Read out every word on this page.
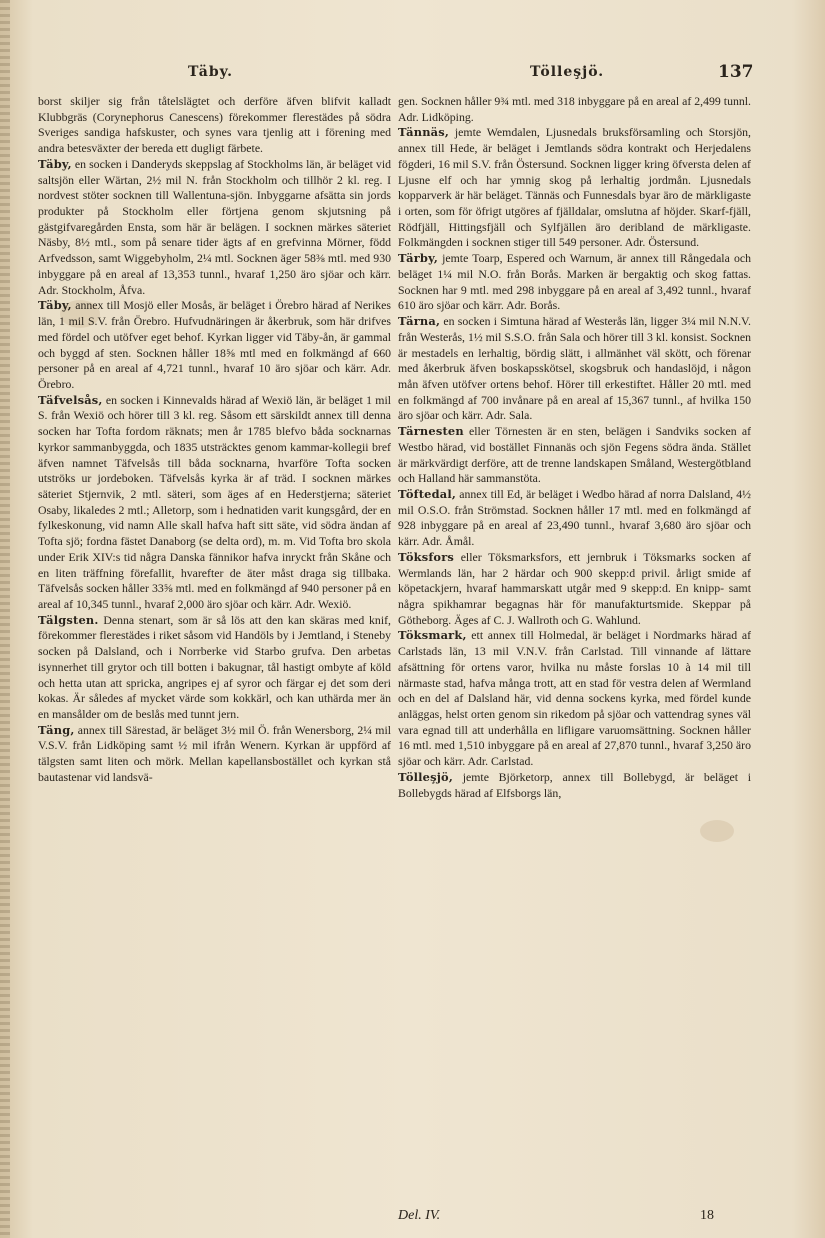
Täby.	Tölleşjö.	137

borst skiljer sig från tåtelslägtet och derföre äfven blifvit kalladt Klubbgräs (Corynephorus Canescens) förekommer flerestädes på södra Sveriges sandiga hafskuster, och synes vara tjenlig att i förening med andra betesväxter der bereda ett dugligt färbete.

Täby, en socken i Danderyds skeppslag af Stockholms län, är beläget vid saltsjön eller Wärtan, 2½ mil N. från Stockholm och tillhör 2 kl. reg. I nordvest stöter socknen till Wallentuna-sjön. Inbyggarne afsätta sin jords produkter på Stockholm eller förtjena genom skjutsning på gästgifvaregården Ensta, som här är belägen. I socknen märkes säteriet Näsby, 8½ mtl., som på senare tider ägts af en grefvinna Mörner, född Arfvedsson, samt Wiggebyholm, 2¼ mtl. Socknen äger 58⅜ mtl. med 930 inbyggare på en areal af 13,353 tunnl., hvaraf 1,250 äro sjöar och kärr. Adr. Stockholm, Åfva.

Täby, annex till Mosjö eller Mosås, är beläget i Örebro härad af Nerikes län, 1 mil S.V. från Örebro. Hufvudnäringen är åkerbruk, som här drifves med fördel och utöfver eget behof. Kyrkan ligger vid Täby-ån, är gammal och byggd af sten. Socknen håller 18⅝ mtl med en folkmängd af 660 personer på en areal af 4,721 tunnl., hvaraf 10 äro sjöar och kärr. Adr. Örebro.

Täfvelsås, en socken i Kinnevalds härad af Wexiö län, är beläget 1 mil S. från Wexiö och hörer till 3 kl. reg. Såsom ett särskildt annex till denna socken har Tofta fordom räknats; men år 1785 blefvo båda socknarnas kyrkor sammanbyggda, och 1835 utsträcktes genom kammar-kollegii bref äfven namnet Täfvelsås till båda socknarna, hvarföre Tofta socken utströks ur jordeboken. Täfvelsås kyrka är af träd. I socknen märkes säteriet Stjernvik, 2 mtl. säteri, som äges af en Hederstjerna; säteriet Osaby, likaledes 2 mtl.; Alletorp, som i hednatiden varit kungsgård, der en fylkeskonung, vid namn Alle skall hafva haft sitt säte, vid södra ändan af Tofta sjö; fordna fästet Danaborg (se delta ord), m. m. Vid Tofta bro skola under Erik XIV:s tid några Danska fännikor hafva inryckt från Skåne och en liten träffning förefallit, hvarefter de äter måst draga sig tillbaka. Täfvelsås socken håller 33⅝ mtl. med en folkmängd af 940 personer på en areal af 10,345 tunnl., hvaraf 2,000 äro sjöar och kärr. Adr. Wexiö.

Tälgsten. Denna stenart, som är så lös att den kan skäras med knif, förekommer flerestädes i riket såsom vid Handöls by i Jemtland, i Steneby socken på Dalsland, och i Norrberke vid Starbo grufva. Den arbetas isynnerhet till grytor och till botten i bakugnar, tål hastigt ombyte af köld och hetta utan att spricka, angripes ej af syror och färgar ej det som deri kokas. Är således af mycket värde som kokkärl, och kan uthärda mer än en mansålder om de beslås med tunnt jern.

Täng, annex till Särestad, är beläget 3½ mil Ö. från Wenersborg, 2¼ mil V.S.V. från Lidköping samt ½ mil ifrån Wenern. Kyrkan är uppförd af tälgsten samt liten och mörk. Mellan kapellansbostället och kyrkan stå bautastenar vid landsvä-

gen. Socknen håller 9¾ mtl. med 318 inbyggare på en areal af 2,499 tunnl. Adr. Lidköping.

Tännäs, jemte Wemdalen, Ljusnedals bruksförsamling och Storsjön, annex till Hede, är beläget i Jemtlands södra kontrakt och Herjedalens fögderi, 16 mil S.V. från Östersund. Socknen ligger kring öfversta delen af Ljusne elf och har ymnig skog på lerhaltig jordmån. Ljusnedals kopparverk är här beläget. Tännäs och Funnesdals byar äro de märkligaste i orten, som för öfrigt utgöres af fjälldalar, omslutna af höjder. Skarf-fjäll, Rödfjäll, Hittingsfjäll och Sylfjällen äro deribland de märkligaste. Folkmängden i socknen stiger till 549 personer. Adr. Östersund.

Tärby, jemte Toarp, Espered och Warnum, är annex till Rångedala och beläget 1¼ mil N.O. från Borås. Marken är bergaktig och skog fattas. Socknen har 9 mtl. med 298 inbyggare på en areal af 3,492 tunnl., hvaraf 610 äro sjöar och kärr. Adr. Borås.

Tärna, en socken i Simtuna härad af Westerås län, ligger 3¼ mil N.N.V. från Westerås, 1½ mil S.S.O. från Sala och hörer till 3 kl. konsist. Socknen är mestadels en lerhaltig, bördig slätt, i allmänhet väl skött, och förenar med åkerbruk äfven boskapsskötsel, skogsbruk och handaslöjd, i någon mån äfven utöfver ortens behof. Hörer till erkestiftet. Håller 20 mtl. med en folkmängd af 700 invånare på en areal af 15,367 tunnl., af hvilka 150 äro sjöar och kärr. Adr. Sala.

Tärnesten eller Törnesten är en sten, belägen i Sandviks socken af Westbo härad, vid bostället Finnanäs och sjön Fegens södra ända. Stället är märkvärdigt derföre, att de trenne landskapen Småland, Westergötbland och Halland här sammanstöta.

Töftedal, annex till Ed, är beläget i Wedbo härad af norra Dalsland, 4½ mil O.S.O. från Strömstad. Socknen håller 17 mtl. med en folkmängd af 928 inbyggare på en areal af 23,490 tunnl., hvaraf 3,680 äro sjöar och kärr. Adr. Åmål.

Töksfors eller Töksmarksfors, ett jernbruk i Töksmarks socken af Wermlands län, har 2 härdar och 900 skepp:d privil. årligt smide af köpetackjern, hvaraf hammarskatt utgår med 9 skepp:d. En knipp- samt några spikhamrar begagnas här för manufakturtsmide. Skeppar på Götheborg. Äges af C. J. Wallroth och G. Wahlund.

Töksmark, ett annex till Holmedal, är beläget i Nordmarks härad af Carlstads län, 13 mil V.N.V. från Carlstad. Till vinnande af lättare afsättning för ortens varor, hvilka nu måste forslas 10 à 14 mil till närmaste stad, hafva många trott, att en stad för vestra delen af Wermland och en del af Dalsland här, vid denna sockens kyrka, med fördel kunde anläggas, helst orten genom sin rikedom på sjöar och vattendrag synes väl vara egnad till att underhålla en lifligare varuomsättning. Socknen håller 16 mtl. med 1,510 inbyggare på en areal af 27,870 tunnl., hvaraf 3,250 äro sjöar och kärr. Adr. Carlstad.

Tölleşjö, jemte Björketorp, annex till Bollebygd, är beläget i Bollebygds härad af Elfsborgs län,

Del. IV.	18
